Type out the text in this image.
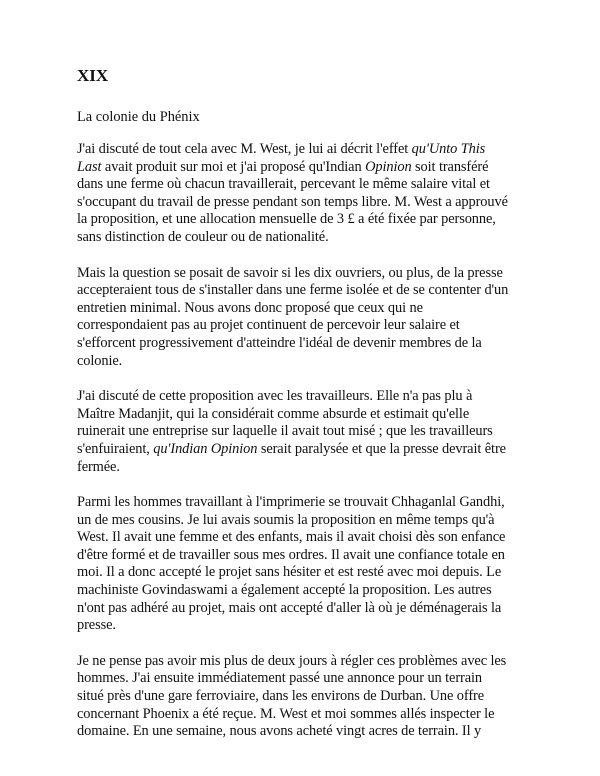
XIX
La colonie du Phénix

J'ai discuté de tout cela avec M. West, je lui ai décrit l'effet qu'Unto This
Last avait produit sur moi et j'ai proposé qu'Indian Opinion soit transféré
dans une ferme où chacun travaillerait, percevant le même salaire vital et
s'occupant du travail de presse pendant son temps libre. M. West a approuvé
la proposition, et une allocation mensuelle de 3 £ a été fixée par personne,
sans distinction de couleur ou de nationalité.

Mais la question se posait de savoir si les dix ouvriers, ou plus, de la presse
accepteraient tous de s'installer dans une ferme isolée et de se contenter d'un
entretien minimal. Nous avons donc proposé que ceux qui ne
correspondaient pas au projet continuent de percevoir leur salaire et
s'efforcent progressivement d'atteindre l'idéal de devenir membres de la
colonie.

J'ai discuté de cette proposition avec les travailleurs. Elle n'a pas plu à
Maître Madanjit, qui la considérait comme absurde et estimait qu'elle
ruinerait une entreprise sur laquelle il avait tout misé ; que les travailleurs
s'enfuiraient, qu'Indian Opinion serait paralysée et que la presse devrait être
fermée.

Parmi les hommes travaillant à l'imprimerie se trouvait Chhaganlal Gandhi,
un de mes cousins. Je lui avais soumis la proposition en même temps qu'à
West. Il avait une femme et des enfants, mais il avait choisi dès son enfance
d'être formé et de travailler sous mes ordres. Il avait une confiance totale en
moi. Il a donc accepté le projet sans hésiter et est resté avec moi depuis. Le
machiniste Govindaswami a également accepté la proposition. Les autres
n'ont pas adhéré au projet, mais ont accepté d'aller là où je déménagerais la
presse.

Je ne pense pas avoir mis plus de deux jours à régler ces problèmes avec les
hommes. J'ai ensuite immédiatement passé une annonce pour un terrain
situé près d'une gare ferroviaire, dans les environs de Durban. Une offre
concernant Phoenix a été reçue. M. West et moi sommes allés inspecter le
domaine. En une semaine, nous avons acheté vingt acres de terrain. Il y
